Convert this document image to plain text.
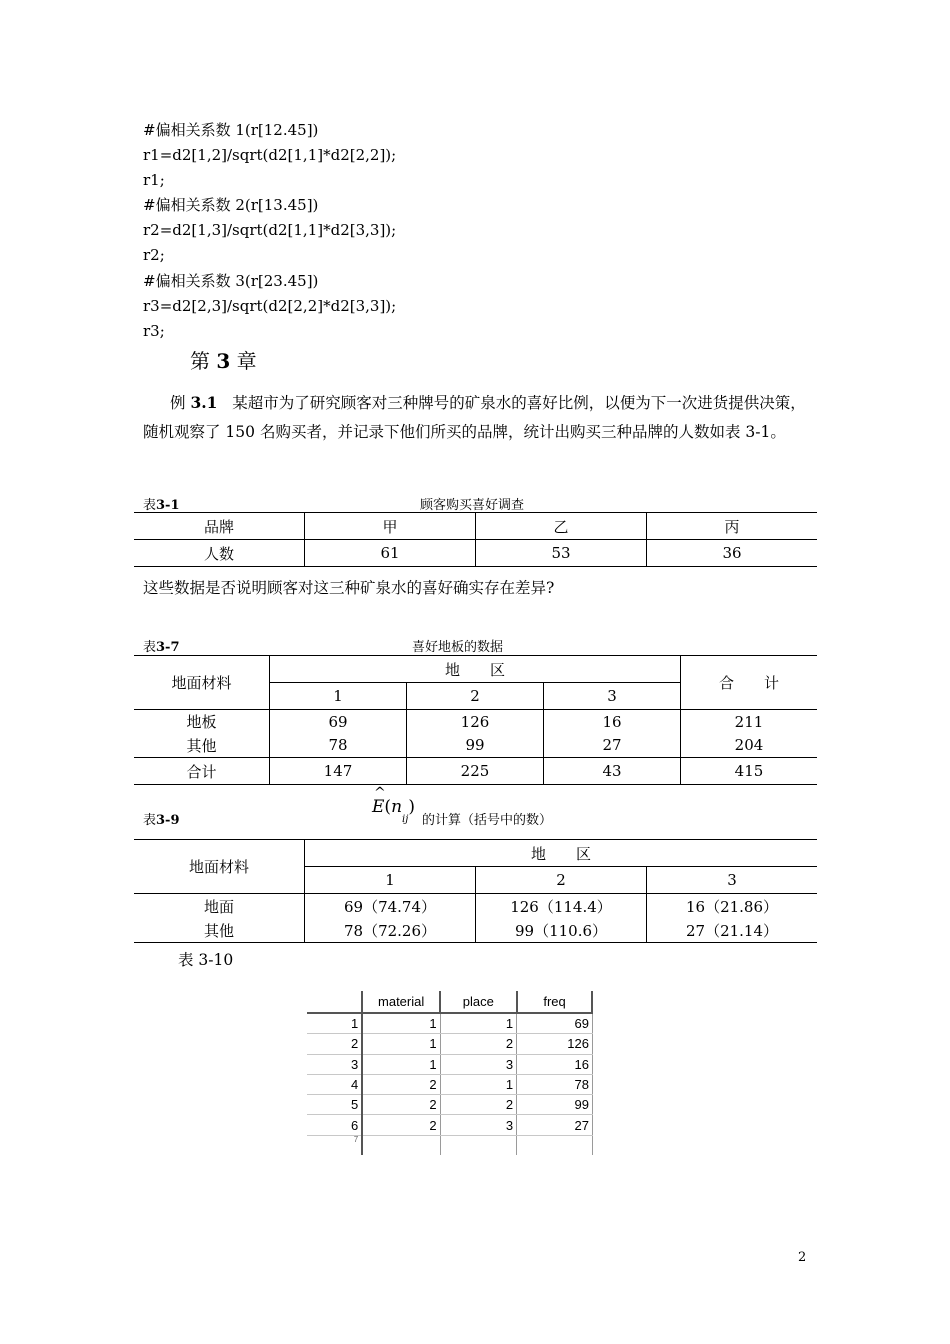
#偏相关系数 1(r[12.45])
r1=d2[1,2]/sqrt(d2[1,1]*d2[2,2]);
r1;
#偏相关系数 2(r[13.45])
r2=d2[1,3]/sqrt(d2[1,1]*d2[3,3]);
r2;
#偏相关系数 3(r[23.45])
r3=d2[2,3]/sqrt(d2[2,2]*d2[3,3]);
r3;
第 3 章
例 3.1 某超市为了研究顾客对三种牌号的矿泉水的喜好比例，以便为下一次进货提供决策，随机观察了 150 名购买者，并记录下他们所买的品牌，统计出购买三种品牌的人数如表 3-1。
表3-1	顾客购买喜好调查
品牌	甲	乙	丙
人数	61	53	36
这些数据是否说明顾客对这三种矿泉水的喜好确实存在差异?
表3-7	喜好地板的数据
地面材料	地　　区			合　　计
	1	2	3	
地板	69	126	16	211
其他	78	99	27	204
合计	147	225	43	415
表3-9
^
$E(n_{ij})$
的计算（括号中的数）
地面材料	地　　区		
	1	2	3
地面	69（74.74）	126（114.4）	16（21.86）
其他	78（72.26）	99（110.6）	27（21.14）
表 3-10
	material	place	freq	
1	1	1	69	
2	1	2	126	
3	1	3	16	
4	2	1	78	
5	2	2	99	
6	2	3	27	
7				
2
